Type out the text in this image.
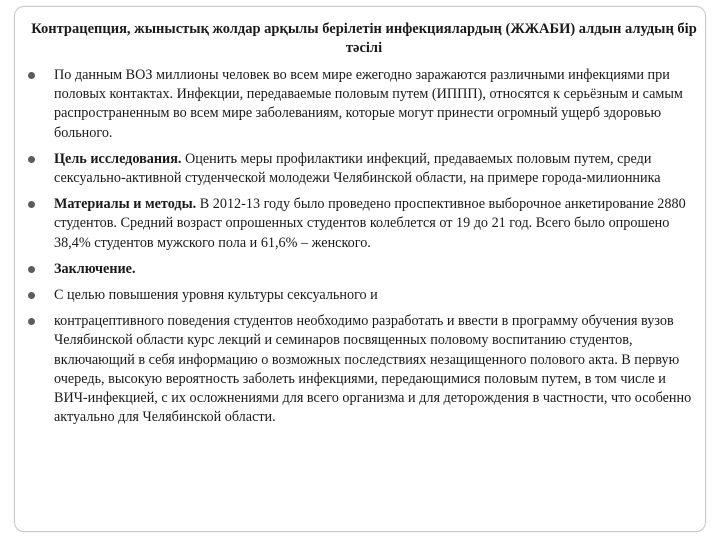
Контрацепция, жыныстық жолдар арқылы берілетін инфекциялардың (ЖЖАБИ) алдын алудың бір тәсілі
По данным ВОЗ миллионы человек во всем мире ежегодно заражаются различными инфекциями при половых контактах. Инфекции, передаваемые половым путем (ИППП), относятся к серьёзным и самым распространенным во всем мире заболеваниям, которые могут принести огромный ущерб здоровью больного.
Цель исследования. Оценить меры профилактики инфекций, предаваемых половым путем, среди сексуально-активной студенческой молодежи Челябинской области, на примере города-милионника
Материалы и методы. В 2012-13 году было проведено проспективное выборочное анкетирование 2880 студентов. Средний возраст опрошенных студентов колеблется от 19 до 21 год. Всего было опрошено 38,4% студентов мужского пола и 61,6% – женского.
Заключение.
С целью повышения уровня культуры сексуального и
контрацептивного поведения студентов необходимо разработать и ввести в программу обучения вузов Челябинской области курс лекций и семинаров посвященных половому воспитанию студентов, включающий в себя информацию о возможных последствиях незащищенного полового акта. В первую очередь, высокую вероятность заболеть инфекциями, передающимися половым путем, в том числе и ВИЧ-инфекцией, с их осложнениями для всего организма и для деторождения в частности, что особенно актуально для Челябинской области.
